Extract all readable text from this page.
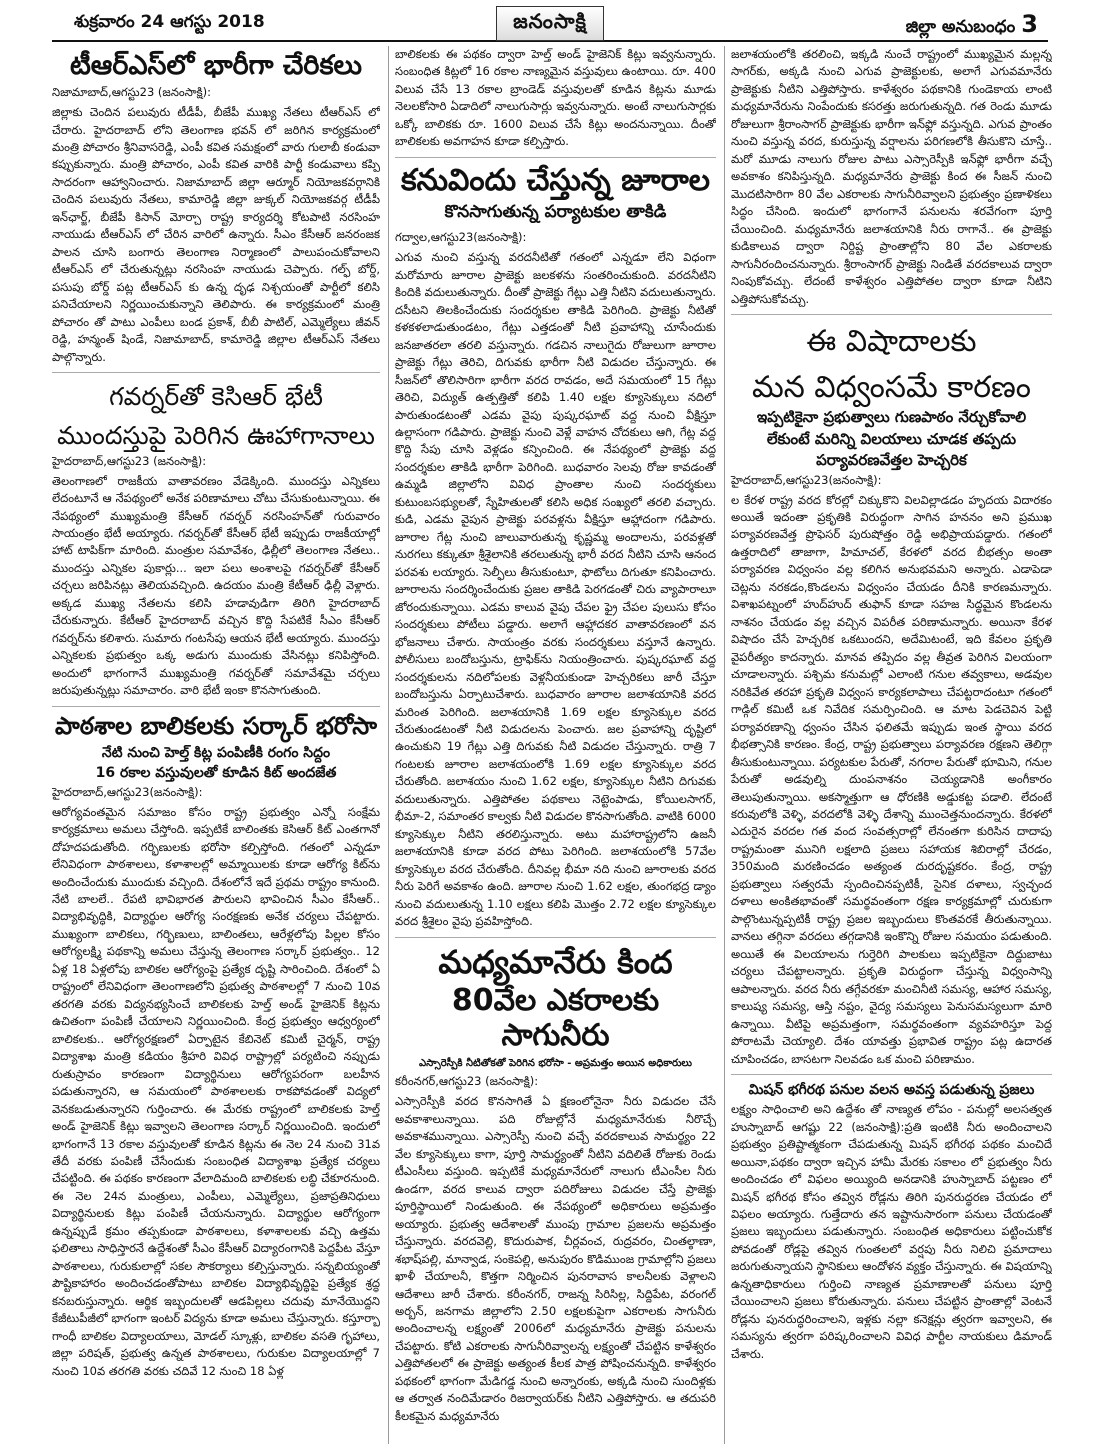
శుక్రవారం 24 ఆగస్టు 2018	జనంసాక్షి	జిల్లా అనుబంధం 3
టీఆర్ఎస్‌లో భారీగా చేరికలు
నిజామాబాద్,ఆగస్టు23 (జనంసాక్షి):

జిల్లాకు చెందిన పలువురు టీడీపీ, బీజేపీ ముఖ్య నేతలు టీఆర్ఎస్ లో చేరారు. హైదరాబాద్ లోని తెలంగాణ భవన్ లో జరిగిన కార్యక్రమంలో మంత్రి పోచారం శ్రీనివాసరెడ్డి, ఎంపీ కవిత సమక్షంలో వారు గులాబీ కండువా కప్పుకున్నారు. మంత్రి పోచారం, ఎంపీ కవిత వారికి పార్టీ కండువాలు కప్పి సాదరంగా ఆహ్వానించారు. నిజామాబాద్ జిల్లా ఆర్మూర్ నియోజకవర్గానికి చెందిన పలువురు నేతలు, కామారెడ్డి జిల్లా జుక్కల్ నియోజకవర్గ టీడీపీ ఇన్‌ఛార్జ్, బీజేపీ కిసాన్ మోర్చా రాష్ట్ర కార్యదర్శి కోటపాటి నరసింహ నాయుడు టీఆర్ఎస్ లో చేరిన వారిలో ఉన్నారు. సీఎం కేసీఆర్ జనరంజక పాలన చూసి బంగారు తెలంగాణ నిర్మాణంలో పాలుపంచుకోవాలని టీఆర్ఎస్ లో చేరుతున్నట్లు నరసింహ నాయుడు చెప్పారు. గల్ఫ్ బోర్డ్, పసుపు బోర్డ్ పట్ల టీఆర్ఎస్ కు ఉన్న దృఢ నిశ్చయంతో పార్టీలో కలిసి పనిచేయాలని నిర్ణయించుకున్నాని తెలిపారు. ఈ కార్యక్రమంలో మంత్రి పోచారం తో పాటు ఎంపీలు బండ ప్రకాశ్, బీబీ పాటిల్, ఎమ్మెల్యేలు జీవన్ రెడ్డి, హన్మంత్ షిండే, నిజామాబాద్, కామారెడ్డి జిల్లాల టీఆర్ఎస్ నేతలు పాల్గొన్నారు.

గవర్నర్‌తో కెసిఆర్ భేటీ
ముందస్తుపై పెరిగిన ఊహాగానాలు
హైదరాబాద్,ఆగస్టు23 (జనంసాక్షి):

తెలంగాణలో రాజకీయ వాతావరణం వేడెక్కింది. ముందస్తు ఎన్నికలు లేదంటూనే ఆ నేపథ్యంలో అనేక పరిణామాలు చోటు చేసుకుంటున్నాయి. ఈ నేపథ్యంలో ముఖ్యమంత్రి కేసీఆర్ గవర్నర్ నరసింహన్‌తో గురువారం సాయంత్రం భేటీ అయ్యారు. గవర్నర్‌తో కేసీఆర్ భేటీ ఇప్పుడు రాజకీయాల్లో హాట్ టాపిక్‌గా మారింది. మంత్రుల సమావేశం, ఢిల్లీలో తెలంగాణ నేతలు.. ముందస్తు ఎన్నికల పుకార్లు... ఇలా పలు అంశాలపై గవర్నర్‌తో కేసీఆర్ చర్చలు జరిపినట్లు తెలియవచ్చింది. ఉదయం మంత్రి కేటీఆర్ ఢిల్లీ వెళ్లారు. అక్కడ ముఖ్య నేతలను కలిసి హడావుడిగా తిరిగి హైదరాబాద్ చేరుకున్నారు. కేటీఆర్ హైదరాబాద్ వచ్చిన కొద్ది సేపటికే సీఎం కేసీఆర్ గవర్నర్‌ను కలిశారు. సుమారు గంటసేపు ఆయన భేటీ అయ్యారు. ముందస్తు ఎన్నికలకు ప్రభుత్వం ఒక్క అడుగు ముందుకు వేసినట్లు కనిపిస్తోంది. అందులో భాగంగానే ముఖ్యమంత్రి గవర్నర్‌తో సమావేశమై చర్చలు జరుపుతున్నట్లు సమాచారం. వారి భేటీ ఇంకా కొనసాగుతుంది.

పాఠశాల బాలికలకు సర్కార్ భరోసా
నేటి నుంచి హెల్త్ కిట్ల పంపిణీకి రంగం సిద్దం
16 రకాల వస్తువులతో కూడిన కిట్ అందజేత
హైదరాబాద్,ఆగస్టు23(జనంసాక్షి):

ఆరోగ్యవంతమైన సమాజం కోసం రాష్ట్ర ప్రభుత్వం ఎన్నో సంక్షేమ కార్యక్రమాలు అమలు చేస్తోంది. ఇప్పటికే బాలింతకు కెసిఆర్ కిట్ ఎంతగానో దోహదపడుతోంది. గర్భిణులకు భరోసా కల్పిస్తోంది. గతంలో ఎన్నడూ లేనివిధంగా పాఠశాలలు, కళాశాలల్లో అమ్మాయిలకు కూడా ఆరోగ్య కిట్‌ను అందించేందుకు ముందుకు వచ్చింది. దేశంలోనే ఇదే ప్రథమ రాష్ట్రం కానుంది. నేటి బాలలే.. రేపటి భావిభారత పౌరులని భావించిన సీఎం కేసీఆర్.. విద్యాభివృద్ధికి, విద్యార్థుల ఆరోగ్య సంరక్షణకు అనేక చర్యలు చేపట్టారు. ముఖ్యంగా బాలికలు, గర్భిణులు, బాలింతలు, ఆరేళ్లలోపు పిల్లల కోసం ఆరోగ్యలక్ష్మి పథకాన్ని అమలు చేస్తున్న తెలంగాణ సర్కార్ ప్రభుత్వం.. 12 ఏళ్ల 18 ఏళ్లలోపు బాలికల ఆరోగ్యంపై ప్రత్యేక దృష్టి సారించింది. దేశంలో ఏ రాష్ట్రంలో లేనివిధంగా తెలంగాణలోని ప్రభుత్వ పాఠశాలల్లో 7 నుంచి 10వ తరగతి వరకు విద్యనభ్యసించే బాలికలకు హెల్త్ అండ్ హైజెనిక్ కిట్లను ఉచితంగా పంపిణీ చేయాలని నిర్ణయించింది. కేంద్ర ప్రభుత్వం ఆధ్వర్యంలో బాలికలకు.. ఆరోగ్యరక్షణలో ఏర్పాటైన కేబినెట్ కమిటీ చైర్మన్, రాష్ట్ర విద్యాశాఖ మంత్రి కడియం శ్రీహరి వివిధ రాష్ట్రాల్లో పర్యటించి నప్పుడు రుతుస్రావం కారణంగా విద్యార్థినులు ఆరోగ్యపరంగా బలహీన పడుతున్నారని, ఆ సమయంలో పాఠశాలలకు రాకపోవడంతో విద్యలో వెనకబడుతున్నారని గుర్తించారు. ఈ మేరకు రాష్ట్రంలో బాలికలకు హెల్త్ అండ్ హైజెనిక్ కిట్లు ఇవ్వాలని తెలంగాణ సర్కార్ నిర్ణయించింది. ఇందులో భాగంగానే 13 రకాల వస్తువులతో కూడిన కిట్లను ఈ నెల 24 నుంచి 31వ తేదీ వరకు పంపిణీ చేసేందుకు సంబంధిత విద్యాశాఖ ప్రత్యేక చర్యలు చేపట్టింది. ఈ పథకం కారణంగా వేలాదిమంది బాలికలకు లబ్ధి చేకూరనుంది. ఈ నెల 24న మంత్రులు, ఎంపీలు, ఎమ్మెల్యేలు, ప్రజాప్రతినిధులు విద్యార్థినులకు కిట్లు పంపిణీ చేయనున్నారు. విద్యార్థుల ఆరోగ్యంగా ఉన్నప్పుడే క్రమం తప్పకుండా పాఠశాలలు, కళాశాలలకు వచ్చి ఉత్తమ ఫలితాలు సాధిస్తారనే ఉద్దేశంతో సీఎం కేసీఆర్ విద్యారంగానికి పెద్దపీట వేస్తూ పాఠశాలలు, గురుకులాల్లో సకల సౌకర్యాలు కల్పిస్తున్నారు. సన్నబియ్యంతో పౌష్టికాహారం అందించడంతోపాటు బాలికల విద్యాభివృద్ధిపై ప్రత్యేక శ్రద్ధ కనబరుస్తున్నారు. ఆర్థిక ఇబ్బందులతో ఆడపిల్లలు చదువు మానేయొద్దని కేజీటుపీజీలో భాగంగా ఇంటర్ విద్యను కూడా అమలు చేస్తున్నారు. కస్తూర్బా గాంధీ బాలికల విద్యాలయాలు, మోడల్ స్కూళ్లు, బాలికల వసతి గృహాలు, జిల్లా పరిషత్, ప్రభుత్వ ఉన్నత పాఠశాలలు, గురుకుల విద్యాలయాల్లో 7 నుంచి 10వ తరగతి వరకు చదివే 12 నుంచి 18 ఏళ్ల

బాలికలకు ఈ పథకం ద్వారా హెల్త్ అండ్ హైజెనిక్ కిట్లు ఇవ్వనున్నారు. సంబంధిత కిట్లలో 16 రకాల నాణ్యమైన వస్తువులు ఉంటాయి. రూ. 400 విలువ చేసే 13 రకాల బ్రాండెడ్ వస్తువులతో కూడిన కిట్లను మూడు నెలలకోసారి ఏడాదిలో నాలుగుసార్లు ఇవ్వనున్నారు. అంటే నాలుగుసార్లకు ఒక్కో బాలికకు రూ. 1600 విలువ చేసే కిట్లు అందనున్నాయి. దీంతో బాలికలకు అవగాహన కూడా కల్పిస్తారు.

కనువిందు చేస్తున్న జూరాల
కొనసాగుతున్న పర్యాటకుల తాకిడి
గద్వాల,ఆగస్టు23(జనంసాక్షి):

ఎగువ నుంచి వస్తున్న వరదనీటితో గతంలో ఎన్నడూ లేని విధంగా మరోమారు జూరాల ప్రాజెక్టు జలకళను సంతరించుకుంది. వరదనీటిని కిందికి వదులుతున్నారు. దీంతో ప్రాజెక్టు గేట్లు ఎత్తి నీటిని వదులుతున్నారు. దసీటని తిలకించేందుకు సందర్శకుల తాకిడి పెరిగింది. ప్రాజెక్టు నీటితో కళకళలాడుతుండటం, గేట్లు ఎత్తడంతో నీటి ప్రవాహాన్ని చూసేందుకు జనజాతరలా తరలి వస్తున్నారు. గడచిన నాలుగైదు రోజులుగా జూరాల ప్రాజెక్టు గేట్లు తెరిచి, దిగువకు భారీగా నీటి విడుదల చేస్తున్నారు. ఈ సీజన్‌లో తొలిసారిగా భారీగా వరద రావడం, అదే సమయంలో 15 గేట్లు తెరిచి, విద్యుత్ ఉత్పత్తితో కలిపి 1.40 లక్షల క్యూసెక్కులు నదిలో పారుతుండటంతో ఎడమ వైపు పుష్కరఘాట్ వద్ద నుంచి వీక్షిస్తూ ఉల్లాసంగా గడిపారు. ప్రాజెక్టు నుంచి వెళ్లే వాహన చోదకులు ఆగి, గేట్ల వద్ద కొద్ది సేపు చూసి వెళ్లడం కన్పించింది. ఈ నేపథ్యంలో ప్రాజెక్టు వద్ద సందర్శకుల తాకిడి భారీగా పెరిగింది. బుధవారం సెలవు రోజు కావడంతో ఉమ్మడి జిల్లాలోని వివిధ ప్రాంతాల నుంచి సందర్శకులు కుటుంబసభ్యులతో, స్నేహితులతో కలిసి అధిక సంఖ్యలో తరలి వచ్చారు. కుడి, ఎడమ వైపున ప్రాజెక్టు పరవళ్లను వీక్షిస్తూ ఆహ్లాదంగా గడిపారు. జూరాల గేట్ల నుంచి జాలువారుతున్న కృష్ణమ్మ అందాలను, పరవళ్లతో నురగలు కక్కుతూ శ్రీశైలానికి తరలుతున్న భారీ వరద నీటిని చూసి ఆనంద పరవశు లయ్యారు. సెల్ఫీలు తీసుకుంటూ, ఫొటోలు దిగుతూ కనిపించారు. జూరాలను సందర్శించేందుకు ప్రజల తాకిడి పెరగడంతో చిరు వ్యాపారాలూ జోరందుకున్నాయి. ఎడమ కాలువ వైపు చేపల ఫ్రై చేపల పులుసు కోసం సందర్శకులు పోటీలు పడ్డారు. అలాగే ఆహ్లాదకర వాతావరణంలో వన భోజనాలు చేశారు. సాయంత్రం వరకు సందర్శకులు వస్తూనే ఉన్నారు. పోలీసులు బందోబస్తును, ట్రాఫిక్‌ను నియంత్రించారు. పుష్కరఘాట్ వద్ద సందర్శకులను నదిలోపలకు వెళ్లనీయకుండా హెచ్చరికలు జారీ చేస్తూ బందోబస్తును ఏర్పాటుచేశారు. బుధవారం జూరాల జలాశయానికి వరద మరింత పెరిగింది. జలాశయానికి 1.69 లక్షల క్యూసెక్కుల వరద చేరుతుండటంతో నీటి విడుదలను పెంచారు. జల ప్రవాహాన్ని దృష్టిలో ఉంచుకుని 19 గేట్లు ఎత్తి దిగువకు నీటి విడుదల చేస్తున్నారు. రాత్రి 7 గంటలకు జూరాల జలాశయంలోకి 1.69 లక్షల క్యూసెక్కుల వరద చేరుతోంది. జలాశయం నుంచి 1.62 లక్షల, క్యూసెక్కుల నీటిని దిగువకు వదులుతున్నారు. ఎత్తిపోతల పథకాలు నెట్టెంపాడు, కోయిలసాగర్, భీమా-2, సమాంతర కాల్వకు నీటి విడుదల కొనసాగుతోంది. వాటికి 6000 క్యూసెక్కుల నీటిని తరలిస్తున్నారు. అటు మహారాష్ట్రలోని ఉజనీ జలాశయానికి కూడా వరద పోటు పెరిగింది. జలాశయంలోకి 57వేల క్యూసెక్కుల వరద చేరుతోంది. దీనివల్ల భీమా నది నుంచి జూరాలకు వరద నీరు పెరిగే అవకాశం ఉంది. జూరాల నుంచి 1.62 లక్షల, తుంగభద్ర డ్యాం నుంచి వదులుతున్న 1.10 లక్షలు కలిపి మొత్తం 2.72 లక్షల క్యూసెక్కుల వరద శ్రీశైలం వైపు ప్రవహిస్తోంది.

మధ్యమానేరు కింద
80వేల ఎకరాలకు సాగునీరు
ఎస్సారెస్పీకి నీటితోకతో పెరిగిన భరోసా - అప్రమత్తం అయిన అధికారులు
కరీంనగర్,ఆగస్టు23 (జనంసాక్షి):

ఎస్సారెస్పీకి వరద కొనసాగితే ఏ క్షణంలోనైనా నీరు విడుదల చేసే అవకాశాలున్నాయి. పది రోజుల్లోనే మధ్యమానేరుకు నీరొచ్చే అవకాశమున్నాయి. ఎస్సారెస్పీ నుంచి వచ్చే వరదకాలువ సామర్థ్యం 22 వేల క్యూసెక్కులు కాగా, పూర్తి సామర్థ్యంతో నీటిని వదిలితే రోజుకు రెండు టీఎంసీలు వస్తుంది. ఇప్పటికే మధ్యమానేరులో నాలుగు టీఎంసీల నీరు ఉండగా, వరద కాలువ ద్వారా పదిరోజులు విడుదల చేస్తే ప్రాజెక్టు పూర్తిస్థాయిలో నిండుతుంది. ఈ నేపథ్యంలో అధికారులు అప్రమత్తం అయ్యారు. ప్రభుత్వ ఆదేశాలతో ముంపు గ్రామాల ప్రజలను అప్రమత్తం చేస్తున్నారు. వరదవెల్లి, కొదురుపాక, చీర్లవంచ, రుద్రవరం, చింతల్ఠాణా, శభాష్‌పల్లి, మాన్వాడ, సంకెపల్లి, అనుపురం కొడిముంజ గ్రామాల్లోని ప్రజలు ఖాళీ చేయాలనీ, కొత్తగా నిర్మించిన పునరావాస కాలనీలకు వెళ్లాలని ఆదేశాలు జారీ చేశారు. కరీంనగర్, రాజన్న సిరిసిల్ల, సిద్దిపేట, వరంగల్ అర్బన్, జనగామ జిల్లాలోని 2.50 లక్షలకుపైగా ఎకరాలకు సాగునీరు అందించాలన్న లక్ష్యంతో 2006లో మధ్యమానేరు ప్రాజెక్టు పనులను చేపట్టారు. కోటి ఎకరాలకు సాగునీరివ్వాలన్న లక్ష్యంతో చేపట్టిన కాళేశ్వరం ఎత్తిపోతలలో ఈ ప్రాజెక్టు అత్యంత కీలక పాత్ర పోషించనున్నది. కాళేశ్వరం పథకంలో భాగంగా మేడిగడ్డ నుంచి అన్నారంకు, అక్కడి నుంచి సుందిళ్లకు ఆ తర్వాత నందిమేడారం రిజర్వాయర్‌కు నీటిని ఎత్తిపోస్తారు. ఆ తదుపరి కీలకమైన మధ్యమానేరు

జలాశయంలోకి తరలించి, ఇక్కడి నుంచే రాష్ట్రంలో ముఖ్యమైన మల్లన్న సాగర్‌కు, అక్కడి నుంచి ఎగువ ప్రాజెక్టులకు, అలాగే ఎగువమానేరు ప్రాజెక్టుకు నీటిని ఎత్తిపోస్తారు. కాళేశ్వరం పథకానికి గుండెకాయ లాంటి మధ్యమానేరును నింపేందుకు కసరత్తు జరుగుతున్నది. గత రెండు మూడు రోజులుగా శ్రీరాంసాగర్ ప్రాజెక్టుకు భారీగా ఇన్‌ఫ్లో వస్తున్నది. ఎగువ ప్రాంతం నుంచి వస్తున్న వరద, కురుస్తున్న వర్షాలను పరిగణలోకి తీసుకొని చూస్తే.. మరో మూడు నాలుగు రోజుల పాటు ఎస్సారెస్పీకి ఇన్‌ఫ్లో భారీగా వచ్చే అవకాశం కనిపిస్తున్నది. మధ్యమానేరు ప్రాజెక్టు కింద ఈ సీజన్ నుంచి మొదటిసారిగా 80 వేల ఎకరాలకు సాగునీరివ్వాలని ప్రభుత్వం ప్రణాళికలు సిద్ధం చేసింది. ఇందులో భాగంగానే పనులను శరవేగంగా పూర్తి చేయించింది. మధ్యమానేరు జలాశయానికి నీరు రాగానే.. ఈ ప్రాజెక్టు కుడికాలువ ద్వారా నిర్దిష్ట ప్రాంతాల్లోని 80 వేల ఎకరాలకు సాగునీరందించనున్నారు. శ్రీరాంసాగర్ ప్రాజెక్టు నిండితే వరదకాలువ ద్వారా నింపుకోవచ్చు. లేదంటే కాళేశ్వరం ఎత్తిపోతల ద్వారా కూడా నీటిని ఎత్తిపోసుకోవచ్చు.

ఈ విషాదాలకు
మన విధ్వంసమే కారణం
ఇప్పటికైనా ప్రభుత్వాలు గుణపాఠం నేర్చుకోవాలి
లేకుంటే మరిన్ని విలయాలు చూడక తప్పదు
పర్యావరణవేత్తల హెచ్చరిక
హైదరాబాద్,ఆగస్టు23(జనంసాక్షి):

ల కేరళ రాష్ట్ర వరద కోరల్లో చిక్కుకొని విలవిల్లాడడం హృదయ విదారకం అయితే ఇదంతా ప్రకృతికి విరుద్ధంగా సాగిన హననం అని ప్రముఖ పర్యావరణవేత్త ప్రొఫెసర్ పురుషోత్తం రెడ్డి అభిప్రాయపడ్డారు. గతంలో ఉత్తరాదిలో తాజాగా, హిమాచల్, కేరళలో వరద బీభత్సం అంతా పర్యావరణ విధ్వంసం వల్ల కలిగిన అనుభవమని అన్నారు. ఎడాపెడా చెట్లను నరకడం,కొండలను విధ్వంసం చేయడం దీనికి కారణమన్నారు. విశాఖపట్నంలో హుద్‌హుద్ తుఫాన్ కూడా సహజ సిద్ధమైన కొండలను నాశనం చేయడం వల్ల వచ్చిన విపరీత పరిణామన్నారు. అయినా కేరళ విషాదం చేసే హెచ్చరిక ఒకటుందని, అదేమిటంటే, ఇది కేవలం ప్రకృతి వైపరీత్యం కాదన్నారు. మానవ తప్పిదం వల్ల తీవ్రత పెరిగిన విలయంగా చూడాలన్నారు. పశ్చిమ కనుమల్లో ఎలాంటి గనుల తవ్వకాలు, అడవుల నరికివేత తరహా ప్రకృతి విధ్వంస కార్యకలాపాలు చేపట్టరాదంటూ గతంలో గాడ్గిల్ కమిటీ ఒక నివేదిక సమర్పించింది. ఆ మాట పెడచెవిన పెట్టి పర్యావరణాన్ని ధ్వంసం చేసిన ఫలితమే ఇప్పుడు ఇంత స్థాయి వరద భీభత్సానికి కారణం. కేంద్ర, రాష్ట్ర ప్రభుత్వాలు పర్యావరణ రక్షణని తెలిగ్గా తీసుకుంటున్నాయి. పర్యటకుల పేరుతో, నగరాల పేరుతో భూమిని, గనుల పేరుతో అడవుల్ని దుంపనాశనం చెయ్యడానికి అంగీకారం తెలుపుతున్నాయి. అకస్మాత్తుగా ఆ ధోరణికి అడ్డుకట్ట పడాలి. లేదంటే కరువులోకి వెళ్ళి, వరదలోకి వెళ్ళి దేశాన్ని ముంచెత్తనుందన్నారు. కేరళలో ఎదురైన వరదల గత వంద సంవత్సరాల్లో లేనంతగా కురిసిన దాదాపు రాష్ట్రమంతా మునిగి లక్షలాది ప్రజలు సహాయక శిబిరాల్లో చేరడం, 350మంది మరణించడం అత్యంత దురదృష్టకరం. కేంద్ర, రాష్ట్ర ప్రభుత్వాలు సత్వరమే స్పందించినప్పటికీ, సైనిక దళాలు, స్వచ్ఛంద దళాలు అంకితభావంతో సమర్థవంతంగా రక్షణ కార్యక్రమాల్లో చురుకుగా పాల్గొంటున్నప్పటికీ రాష్ట్ర ప్రజల ఇబ్బందులు కొంతవరకే తీరుతున్నాయి. వానలు తగ్గినా వరదలు తగ్గడానికి ఇంకొన్ని రోజుల సమయం పడుతుంది. అయితే ఈ విలయాలను గుర్తెరిగి పాలకులు ఇప్పటికైనా దిద్దుబాటు చర్యలు చేపట్టాలన్నారు. ప్రకృతి విరుద్ధంగా చేస్తున్న విధ్వంసాన్ని ఆపాలన్నారు. వరద నీరు తగ్గేవరకూ మంచినీటి సమస్య, ఆహార సమస్య, కాలుష్య సమస్య, ఆస్తి నష్టం, వైద్య సమస్యలు పెనుసమస్యలుగా మారి ఉన్నాయి. వీటిపై అప్రమత్తంగా, సమర్థవంతంగా వ్యవహరిస్తూ పెద్ద పోరాటమే చెయ్యాలి. దేశం యావత్తు ప్రభావిత రాష్ట్రం పట్ల ఉదారత చూపించడం, బాసటగా నిలవడం ఒక మంచి పరిణామం.

మిషన్ భగీరథ పనుల వలన అవస్త పడుతున్న ప్రజలు

లక్ష్యం సాధించాలి అని ఉద్దేశం తో నాణ్యత లోపం - పనుల్లో అలసత్వత హుస్నాబాద్ ఆగష్టు 22 (జనంసాక్షి):ప్రతి ఇంటికి నీరు అందించాలని ప్రభుత్వం ప్రతిష్టాత్మకంగా చేపడుతున్న మిషన్ భగీరథ పథకం మంచిదే అయినా,పథకం ద్వారా ఇచ్చిన హామీ మేరకు సకాలం లో ప్రభుత్వం నీరు అందించడం లో విఫలం అయ్యింది అనడానికి హుస్నాబాద్ పట్టణం లో మిషన్ భగీరథ కోసం తవ్విన రోడ్లను తిరిగి పునరుద్ధరణ చేయడం లో విఫలం అయ్యారు. గుత్తేదారు తన ఇష్టానుసారంగా పనులు చేయడంతో ప్రజలు ఇబ్బందులు పడుతున్నారు. సంబంధిత అధికారులు పట్టించుకోక పోవడంతో రోడ్లపై తవ్విన గుంతలలో వర్షపు నీరు నిలిచి ప్రమాదాలు జరుగుతున్నాయని స్థానికులు ఆందోళన వ్యక్తం చేస్తున్నారు. ఈ విషయాన్ని ఉన్నతాధికారులు గుర్తించి నాణ్యత ప్రమాణాలతో పనులు పూర్తి చేయించాలని ప్రజలు కోరుతున్నారు. పనులు చేపట్టిన ప్రాంతాల్లో వెంటనే రోడ్లను పునరుద్ధరించాలని, ఇళ్లకు నల్లా కనెక్షన్లు త్వరగా ఇవ్వాలని, ఈ సమస్యను త్వరగా పరిష్కరించాలని వివిధ పార్టీల నాయకులు డిమాండ్ చేశారు.
